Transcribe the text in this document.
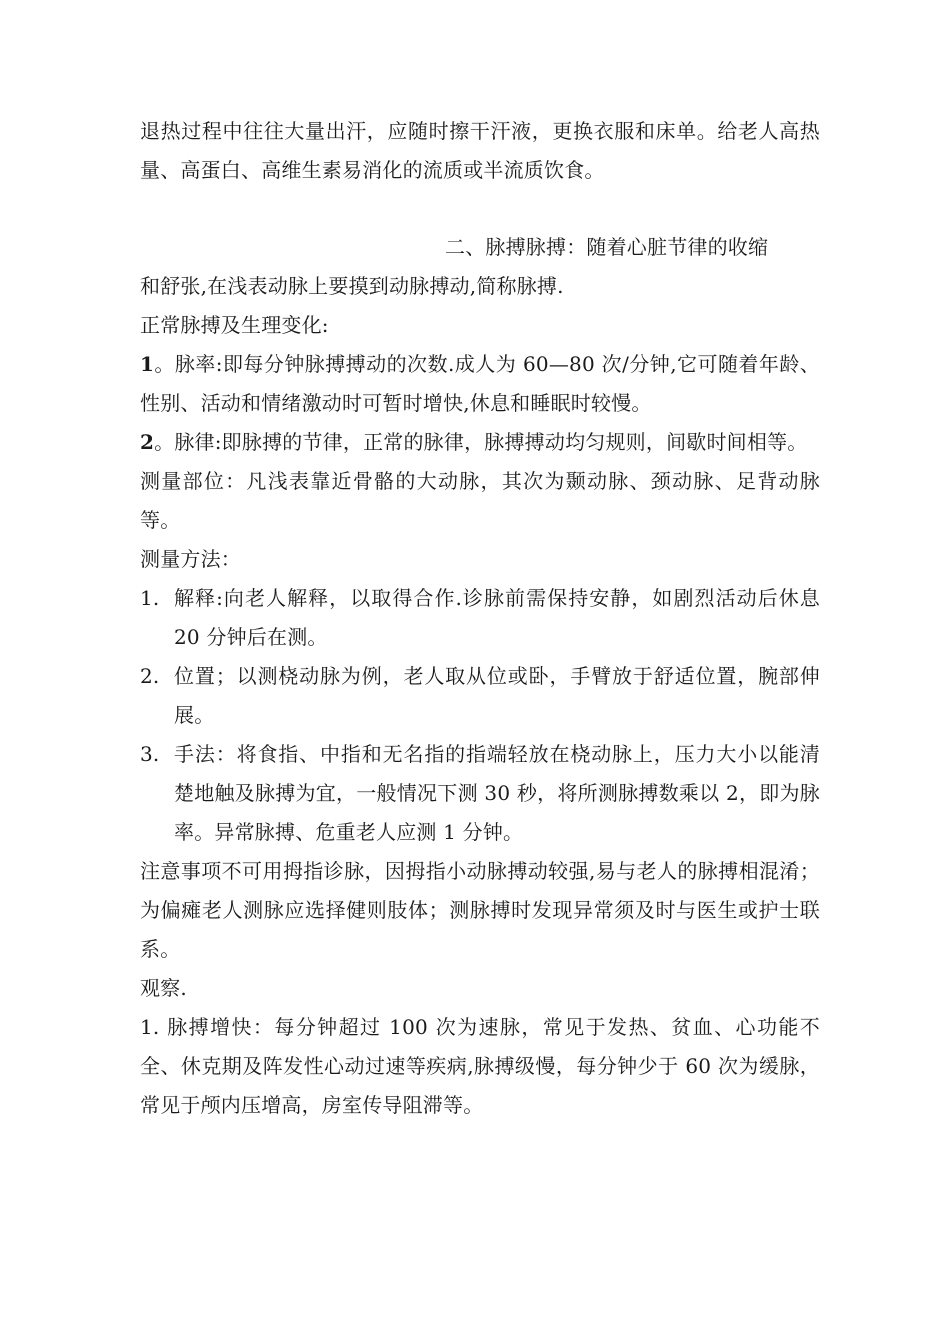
退热过程中往往大量出汗，应随时擦干汗液，更换衣服和床单。给老人高热量、高蛋白、高维生素易消化的流质或半流质饮食。

二、脉搏脉搏：随着心脏节律的收缩

和舒张,在浅表动脉上要摸到动脉搏动,简称脉搏.

正常脉搏及生理变化:

1。脉率:即每分钟脉搏搏动的次数.成人为 60—80 次/分钟,它可随着年龄、性别、活动和情绪激动时可暂时增快,休息和睡眠时较慢。

2。脉律:即脉搏的节律，正常的脉律，脉搏搏动均匀规则，间歇时间相等。

测量部位：凡浅表靠近骨骼的大动脉，其次为颞动脉、颈动脉、足背动脉等。

测量方法：

1. 解释:向老人解释，以取得合作.诊脉前需保持安静，如剧烈活动后休息 20 分钟后在测。

2. 位置；以测桡动脉为例，老人取从位或卧，手臂放于舒适位置，腕部伸展。

3. 手法：将食指、中指和无名指的指端轻放在桡动脉上，压力大小以能清楚地触及脉搏为宜，一般情况下测 30 秒，将所测脉搏数乘以 2，即为脉率。异常脉搏、危重老人应测 1 分钟。

注意事项不可用拇指诊脉，因拇指小动脉搏动较强,易与老人的脉搏相混淆；为偏瘫老人测脉应选择健则肢体；测脉搏时发现异常须及时与医生或护士联系。

观察.

1. 脉搏增快：每分钟超过 100 次为速脉，常见于发热、贫血、心功能不全、休克期及阵发性心动过速等疾病,脉搏级慢，每分钟少于 60 次为缓脉，常见于颅内压增高，房室传导阻滞等。
